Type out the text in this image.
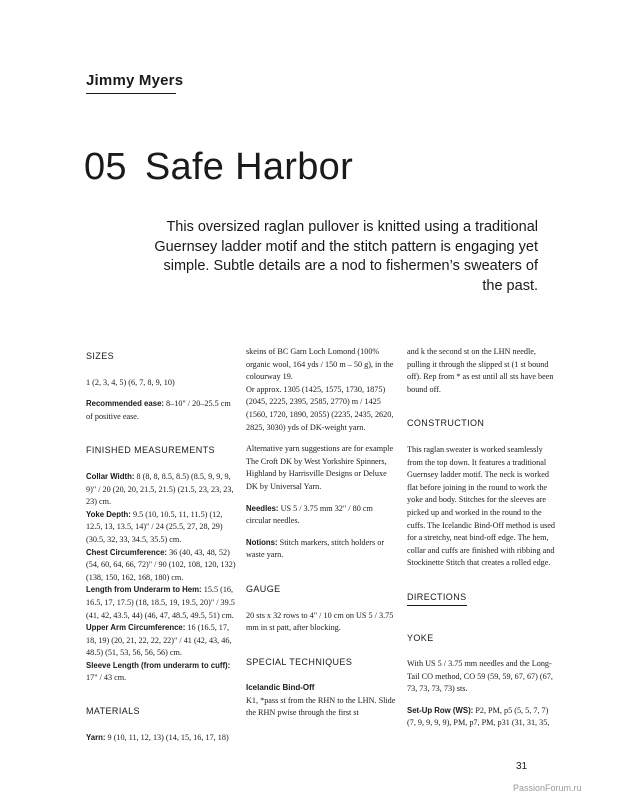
Jimmy Myers
05 Safe Harbor
This oversized raglan pullover is knitted using a traditional Guernsey ladder motif and the stitch pattern is engaging yet simple. Subtle details are a nod to fishermen’s sweaters of the past.
SIZES

1 (2, 3, 4, 5) (6, 7, 8, 9, 10)

Recommended ease: 8–10" / 20–25.5 cm of positive ease.

FINISHED MEASUREMENTS
Collar Width: 8 (8, 8, 8.5, 8.5) (8.5, 9, 9, 9, 9)" / 20 (20, 20, 21.5, 21.5) (21.5, 23, 23, 23, 23) cm.
Yoke Depth: 9.5 (10, 10.5, 11, 11.5) (12, 12.5, 13, 13.5, 14)" / 24 (25.5, 27, 28, 29) (30.5, 32, 33, 34.5, 35.5) cm.
Chest Circumference: 36 (40, 43, 48, 52) (54, 60, 64, 66, 72)" / 90 (102, 108, 120, 132) (138, 150, 162, 168, 180) cm.
Length from Underarm to Hem: 15.5 (16, 16.5, 17, 17.5) (18, 18.5, 19, 19.5, 20)" / 39.5 (41, 42, 43.5, 44) (46, 47, 48.5, 49.5, 51) cm.
Upper Arm Circumference: 16 (16.5, 17, 18, 19) (20, 21, 22, 22, 22)" / 41 (42, 43, 46, 48.5) (51, 53, 56, 56, 56) cm.
Sleeve Length (from underarm to cuff): 17" / 43 cm.
MATERIALS

Yarn: 9 (10, 11, 12, 13) (14, 15, 16, 17, 18)

skeins of BC Garn Loch Lomond (100% organic wool, 164 yds / 150 m – 50 g), in the colourway 19.

Or approx. 1305 (1425, 1575, 1730, 1875) (2045, 2225, 2395, 2585, 2770) m / 1425 (1560, 1720, 1890, 2055) (2235, 2435, 2620, 2825, 3030) yds of DK-weight yarn.

Alternative yarn suggestions are for example The Croft DK by West Yorkshire Spinners, Highland by Harrisville Designs or Deluxe DK by Universal Yarn.

Needles: US 5 / 3.75 mm 32" / 80 cm circular needles.

Notions: Stitch markers, stitch holders or waste yarn.

GAUGE

20 sts x 32 rows to 4" / 10 cm on US 5 / 3.75 mm in st patt, after blocking.

SPECIAL TECHNIQUES
Icelandic Bind-Off
K1, *pass st from the RHN to the LHN. Slide the RHN pwise through the first st

and k the second st on the LHN needle, pulling it through the slipped st (1 st bound off). Rep from * as est until all sts have been bound off.

CONSTRUCTION

This raglan sweater is worked seamlessly from the top down. It features a traditional Guernsey ladder motif. The neck is worked flat before joining in the round to work the yoke and body. Stitches for the sleeves are picked up and worked in the round to the cuffs. The Icelandic Bind-Off method is used for a stretchy, neat bind-off edge. The hem, collar and cuffs are finished with ribbing and Stockinette Stitch that creates a rolled edge.

DIRECTIONS
YOKE

With US 5 / 3.75 mm needles and the Long-Tail CO method, CO 59 (59, 59, 67, 67) (67, 73, 73, 73, 73) sts.

Set-Up Row (WS): P2, PM, p5 (5, 5, 7, 7) (7, 9, 9, 9, 9), PM, p7, PM, p31 (31, 31, 35,

31
PassionForum.ru
